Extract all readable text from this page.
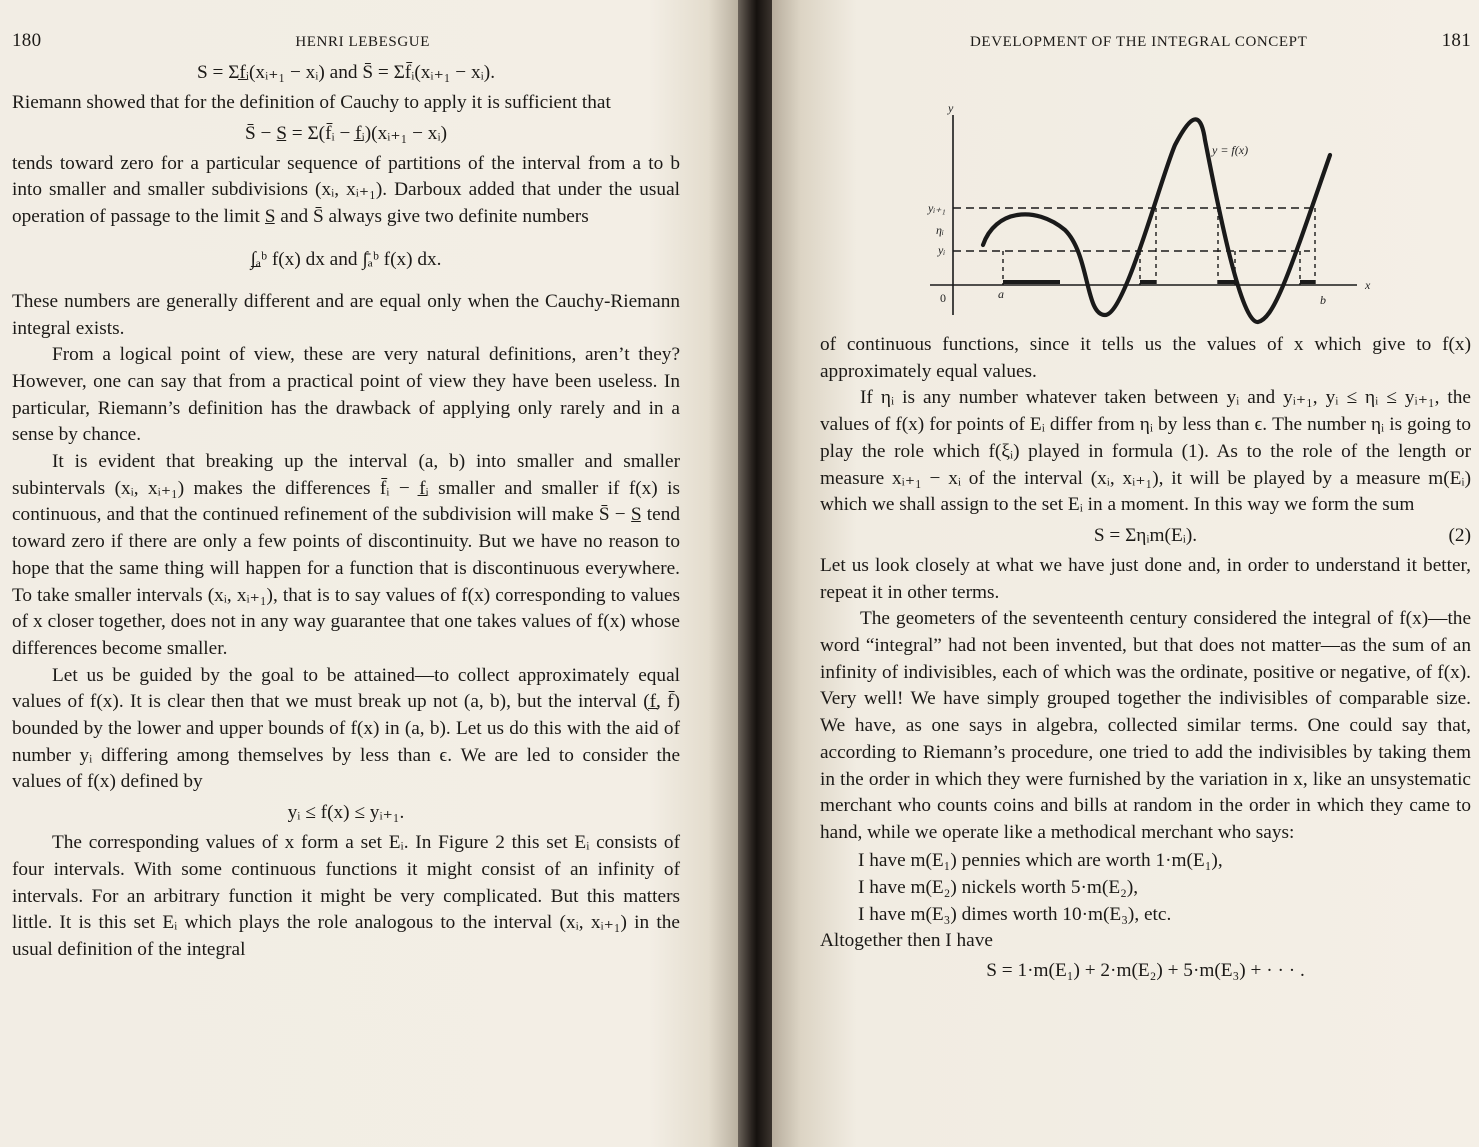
180	HENRI LEBESGUE
S = Σf̲ᵢ(xᵢ₊₁ − xᵢ) and S̄ = Σf̄ᵢ(xᵢ₊₁ − xᵢ).

Riemann showed that for the definition of Cauchy to apply it is sufficient that

S̄ − S̲ = Σ(f̄ᵢ − f̲ᵢ)(xᵢ₊₁ − xᵢ)

tends toward zero for a particular sequence of partitions of the interval from a to b into smaller and smaller subdivisions (xᵢ, xᵢ₊₁). Darboux added that under the usual operation of passage to the limit S̲ and S̄ always give two definite numbers

∫̲ₐᵇ f(x) dx and ∫̄ₐᵇ f(x) dx.

These numbers are generally different and are equal only when the Cauchy-Riemann integral exists.

From a logical point of view, these are very natural definitions, aren’t they? However, one can say that from a practical point of view they have been useless. In particular, Riemann’s definition has the drawback of applying only rarely and in a sense by chance.

It is evident that breaking up the interval (a, b) into smaller and smaller subintervals (xᵢ, xᵢ₊₁) makes the differences f̄ᵢ − f̲ᵢ smaller and smaller if f(x) is continuous, and that the continued refinement of the subdivision will make S̄ − S̲ tend toward zero if there are only a few points of discontinuity. But we have no reason to hope that the same thing will happen for a function that is discontinuous everywhere. To take smaller intervals (xᵢ, xᵢ₊₁), that is to say values of f(x) corresponding to values of x closer together, does not in any way guarantee that one takes values of f(x) whose differences become smaller.

Let us be guided by the goal to be attained—to collect approximately equal values of f(x). It is clear then that we must break up not (a, b), but the interval (f̲, f̄) bounded by the lower and upper bounds of f(x) in (a, b). Let us do this with the aid of number yᵢ differing among themselves by less than ϵ. We are led to consider the values of f(x) defined by

yᵢ ≤ f(x) ≤ yᵢ₊₁.

The corresponding values of x form a set Eᵢ. In Figure 2 this set Eᵢ consists of four intervals. With some continuous functions it might consist of an infinity of intervals. For an arbitrary function it might be very complicated. But this matters little. It is this set Eᵢ which plays the role analogous to the interval (xᵢ, xᵢ₊₁) in the usual definition of the integral

DEVELOPMENT OF THE INTEGRAL CONCEPT	181
y
x
y = f(x)
yᵢ₊₁
ηᵢ
yᵢ
0	a	b

of continuous functions, since it tells us the values of x which give to f(x) approximately equal values.

If ηᵢ is any number whatever taken between yᵢ and yᵢ₊₁, yᵢ ≤ ηᵢ ≤ yᵢ₊₁, the values of f(x) for points of Eᵢ differ from ηᵢ by less than ϵ. The number ηᵢ is going to play the role which f(ξᵢ) played in formula (1). As to the role of the length or measure xᵢ₊₁ − xᵢ of the interval (xᵢ, xᵢ₊₁), it will be played by a measure m(Eᵢ) which we shall assign to the set Eᵢ in a moment. In this way we form the sum

S = Σηᵢm(Eᵢ).	(2)

Let us look closely at what we have just done and, in order to understand it better, repeat it in other terms.

The geometers of the seventeenth century considered the integral of f(x)—the word “integral” had not been invented, but that does not matter—as the sum of an infinity of indivisibles, each of which was the ordinate, positive or negative, of f(x). Very well! We have simply grouped together the indivisibles of comparable size. We have, as one says in algebra, collected similar terms. One could say that, according to Riemann’s procedure, one tried to add the indivisibles by taking them in the order in which they were furnished by the variation in x, like an unsystematic merchant who counts coins and bills at random in the order in which they came to hand, while we operate like a methodical merchant who says:

I have m(E₁) pennies which are worth 1·m(E₁),
I have m(E₂) nickels worth 5·m(E₂),
I have m(E₃) dimes worth 10·m(E₃), etc.

Altogether then I have

S = 1·m(E₁) + 2·m(E₂) + 5·m(E₃) + · · · .
